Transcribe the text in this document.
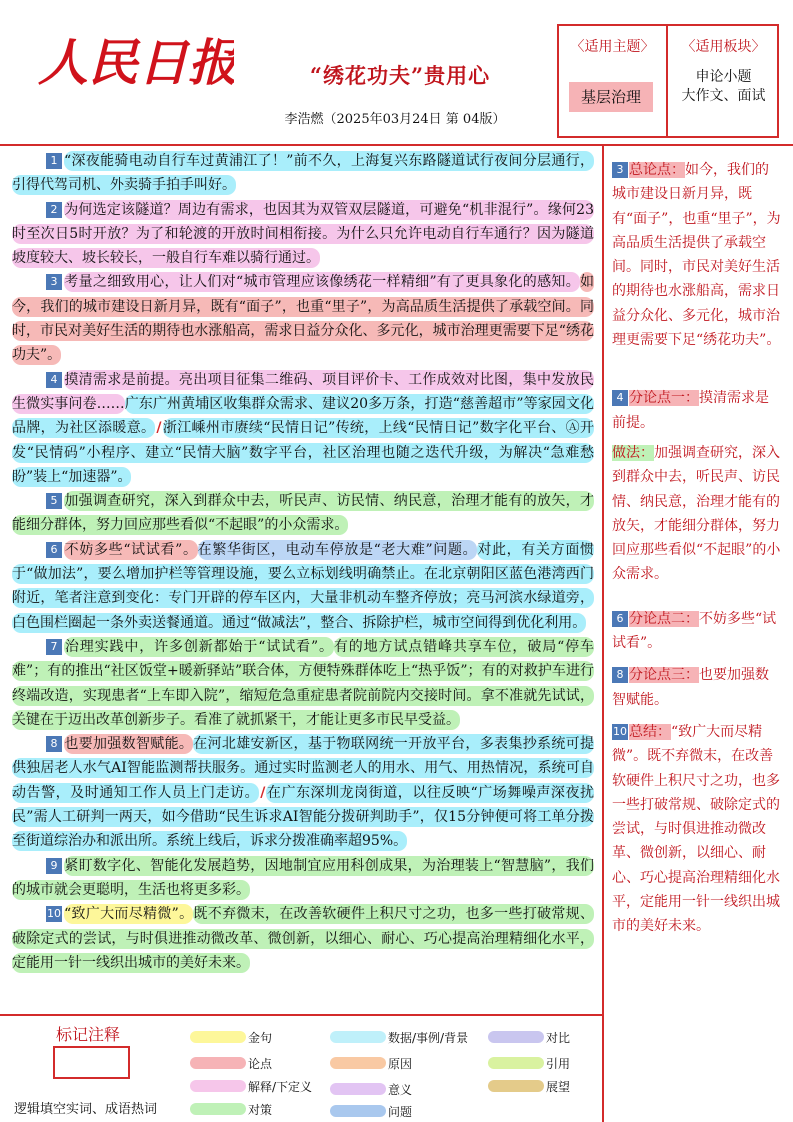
人民日报	“绣花功夫”贵用心
李浩燃（2025年03月24日 第 04版）
〈适用主题〉
基层治理
〈适用板块〉
申论小题
大作文、面试

1 “深夜能骑电动自行车过黄浦江了！”前不久，上海复兴东路隧道试行夜间分层通行，引得代驾司机、外卖骑手拍手叫好。

2 为何选定该隧道？周边有需求，也因其为双管双层隧道，可避免“机非混行”。缘何23时至次日5时开放？为了和轮渡的开放时间相衔接。为什么只允许电动自行车通行？因为隧道坡度较大、坡长较长，一般自行车难以骑行通过。

3 考量之细致用心，让人们对“城市管理应该像绣花一样精细”有了更具象化的感知。如今，我们的城市建设日新月异，既有“面子”，也重“里子”，为高品质生活提供了承载空间。同时，市民对美好生活的期待也水涨船高，需求日益分众化、多元化，城市治理更需要下足“绣花功夫”。

4 摸清需求是前提。亮出项目征集二维码、项目评价卡、工作成效对比图，集中发放民生微实事问卷……广东广州黄埔区收集群众需求、建议20多万条，打造“慈善超市”等家园文化品牌，为社区添暖意。/浙江嵊州市赓续“民情日记”传统，上线“民情日记”数字化平台、Ⓐ开发“民情码”小程序、建立“民情大脑”数字平台，社区治理也随之迭代升级，为解决“急难愁盼”装上“加速器”。

5 加强调查研究，深入到群众中去，听民声、访民情、纳民意，治理才能有的放矢，才能细分群体，努力回应那些看似“不起眼”的小众需求。

6 不妨多些“试试看”。在繁华街区，电动车停放是“老大难”问题。对此，有关方面惯于“做加法”，要么增加护栏等管理设施，要么立标划线明确禁止。在北京朝阳区蓝色港湾西门附近，笔者注意到变化：专门开辟的停车区内，大量非机动车整齐停放；亮马河滨水绿道旁，白色围栏圈起一条外卖送餐通道。通过“做减法”，整合、拆除护栏，城市空间得到优化利用。

7 治理实践中，许多创新都始于“试试看”。有的地方试点错峰共享车位，破局“停车难”；有的推出“社区饭堂+暖新驿站”联合体，方便特殊群体吃上“热乎饭”；有的对救护车进行终端改造，实现患者“上车即入院”，缩短危急重症患者院前院内交接时间。拿不准就先试试，关键在于迈出改革创新步子。看准了就抓紧干，才能让更多市民早受益。

8 也要加强数智赋能。在河北雄安新区，基于物联网统一开放平台，多表集抄系统可提供独居老人水气AI智能监测帮扶服务。通过实时监测老人的用水、用气、用热情况，系统可自动告警，及时通知工作人员上门走访。/在广东深圳龙岗街道，以往反映“广场舞噪声深夜扰民”需人工研判一两天，如今借助“民生诉求AI智能分拨研判助手”，仅15分钟便可将工单分拨至街道综治办和派出所。系统上线后，诉求分拨准确率超95%。

9 紧盯数字化、智能化发展趋势，因地制宜应用科创成果，为治理装上“智慧脑”，我们的城市就会更聪明，生活也将更多彩。

10 “致广大而尽精微”。既不弃微末，在改善软硬件上积尺寸之功，也多一些打破常规、破除定式的尝试，与时俱进推动微改革、微创新，以细心、耐心、巧心提高治理精细化水平，定能用一针一线织出城市的美好未来。

3 总论点：如今，我们的城市建设日新月异，既有“面子”，也重“里子”，为高品质生活提供了承载空间。同时，市民对美好生活的期待也水涨船高，需求日益分众化、多元化，城市治理更需要下足“绣花功夫”。
4 分论点一：摸清需求是前提。
做法：加强调查研究，深入到群众中去，听民声、访民情、纳民意，治理才能有的放矢，才能细分群体，努力回应那些看似“不起眼”的小众需求。
6 分论点二：不妨多些“试试看”。
8 分论点三：也要加强数智赋能。
10 总结：“致广大而尽精微”。既不弃微末，在改善软硬件上积尺寸之功，也多一些打破常规、破除定式的尝试，与时俱进推动微改革、微创新，以细心、耐心、巧心提高治理精细化水平，定能用一针一线织出城市的美好未来。
标记注释
逻辑填空实词、成语热词
金句
论点
解释/下定义
对策
数据/事例/背景
原因
意义
问题
对比
引用
展望
